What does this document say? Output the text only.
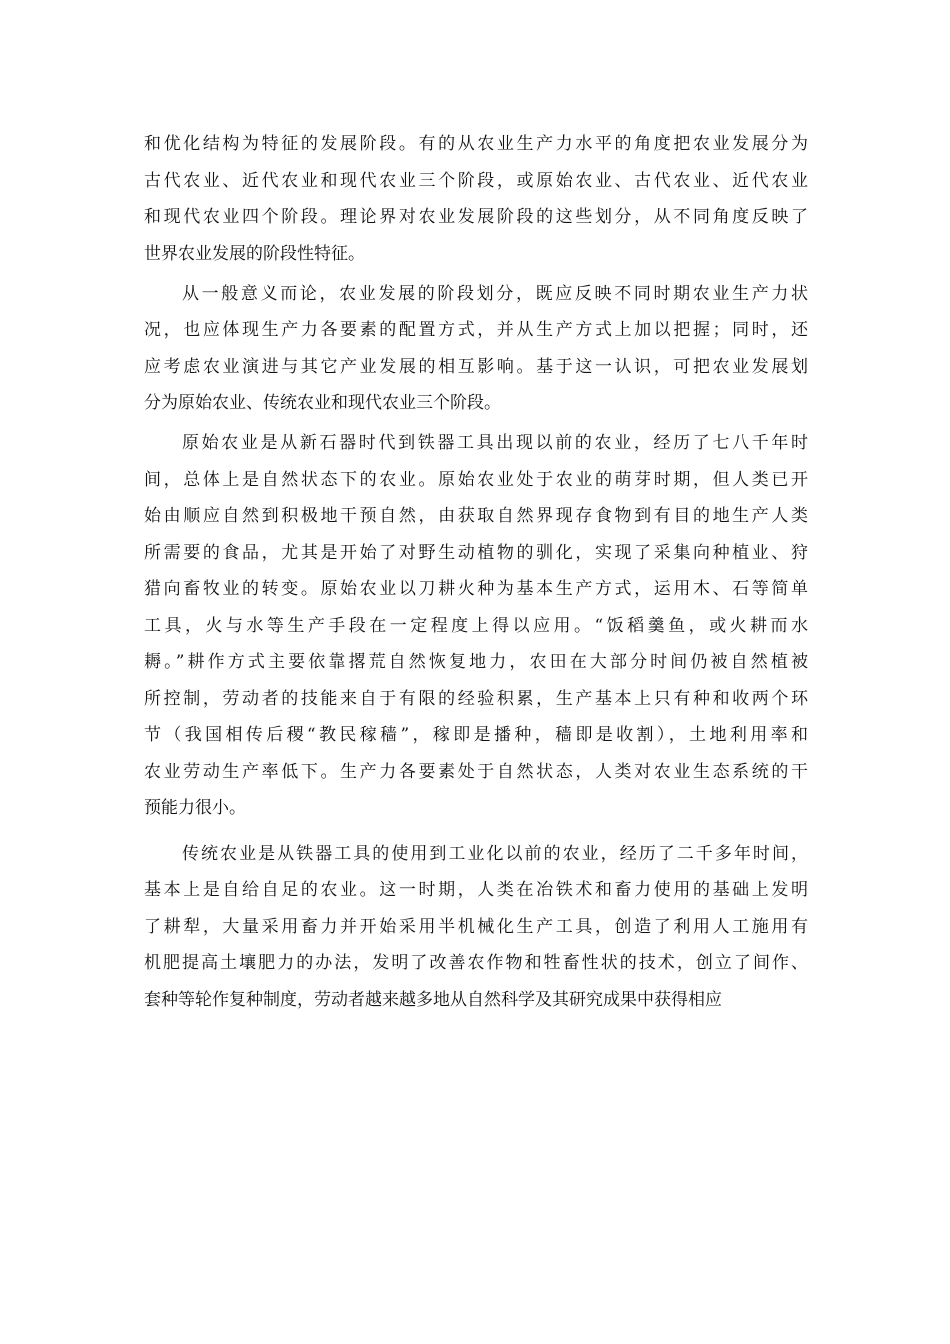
和优化结构为特征的发展阶段。有的从农业生产力水平的角度把农业发展分为
古代农业、近代农业和现代农业三个阶段，或原始农业、古代农业、近代农业
和现代农业四个阶段。理论界对农业发展阶段的这些划分，从不同角度反映了
世界农业发展的阶段性特征。
从一般意义而论，农业发展的阶段划分，既应反映不同时期农业生产力状
况，也应体现生产力各要素的配置方式，并从生产方式上加以把握；同时，还
应考虑农业演进与其它产业发展的相互影响。基于这一认识，可把农业发展划
分为原始农业、传统农业和现代农业三个阶段。
原始农业是从新石器时代到铁器工具出现以前的农业，经历了七八千年时
间，总体上是自然状态下的农业。原始农业处于农业的萌芽时期，但人类已开
始由顺应自然到积极地干预自然，由获取自然界现存食物到有目的地生产人类
所需要的食品，尤其是开始了对野生动植物的驯化，实现了采集向种植业、狩
猎向畜牧业的转变。原始农业以刀耕火种为基本生产方式，运用木、石等简单
工具，火与水等生产手段在一定程度上得以应用。“饭稻羹鱼，或火耕而水
耨。”耕作方式主要依靠撂荒自然恢复地力，农田在大部分时间仍被自然植被
所控制，劳动者的技能来自于有限的经验积累，生产基本上只有种和收两个环
节（我国相传后稷“教民稼穑”，稼即是播种，穑即是收割），土地利用率和
农业劳动生产率低下。生产力各要素处于自然状态，人类对农业生态系统的干
预能力很小。
传统农业是从铁器工具的使用到工业化以前的农业，经历了二千多年时间，
基本上是自给自足的农业。这一时期，人类在冶铁术和畜力使用的基础上发明
了耕犁，大量采用畜力并开始采用半机械化生产工具，创造了利用人工施用有
机肥提高土壤肥力的办法，发明了改善农作物和牲畜性状的技术，创立了间作、
套种等轮作复种制度，劳动者越来越多地从自然科学及其研究成果中获得相应
